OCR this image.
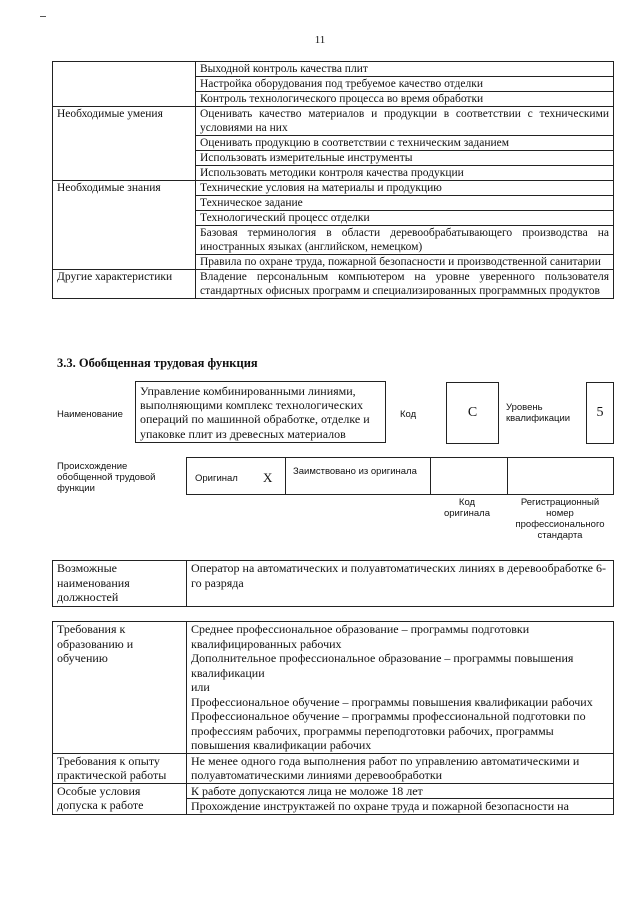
11
	Выходной контроль качества плит
	Настройка оборудования под требуемое качество отделки
	Контроль технологического процесса во время обработки
Необходимые умения	Оценивать качество материалов и продукции в соответствии с техническими условиями на них
	Оценивать продукцию в соответствии с техническим заданием
	Использовать измерительные инструменты
	Использовать методики контроля качества продукции
Необходимые знания	Технические условия на материалы и продукцию
	Техническое задание
	Технологический процесс отделки
	Базовая терминология в области деревообрабатывающего производства на иностранных языках (английском, немецком)
	Правила по охране труда, пожарной безопасности и производственной санитарии
Другие характеристики	Владение персональным компьютером на уровне уверенного пользователя стандартных офисных программ и специализированных программных продуктов
3.3. Обобщенная трудовая функция
Наименование
Управление комбинированными линиями, выполняющими комплекс технологических операций по машинной обработке, отделке и упаковке плит из древесных материалов
Код	C	Уровень квалификации	5
Происхождение обобщенной трудовой функции
Оригинал X Заимствовано из оригинала
Код оригинала
Регистрационный номер профессионального стандарта
Возможные наименования должностей	Оператор на автоматических и полуавтоматических линиях в деревообработке 6-го разряда
Требования к образованию и обучению	Среднее профессиональное образование – программы подготовки квалифицированных рабочих
Дополнительное профессиональное образование – программы повышения квалификации
или
Профессиональное обучение – программы повышения квалификации рабочих
Профессиональное обучение – программы профессиональной подготовки по профессиям рабочих, программы переподготовки рабочих, программы повышения квалификации рабочих

Требования к опыту практической работы	Не менее одного года выполнения работ по управлению автоматическими и полуавтоматическими линиями деревообработки
Особые условия допуска к работе	К работе допускаются лица не моложе 18 лет
	Прохождение инструктажей по охране труда и пожарной безопасности на
